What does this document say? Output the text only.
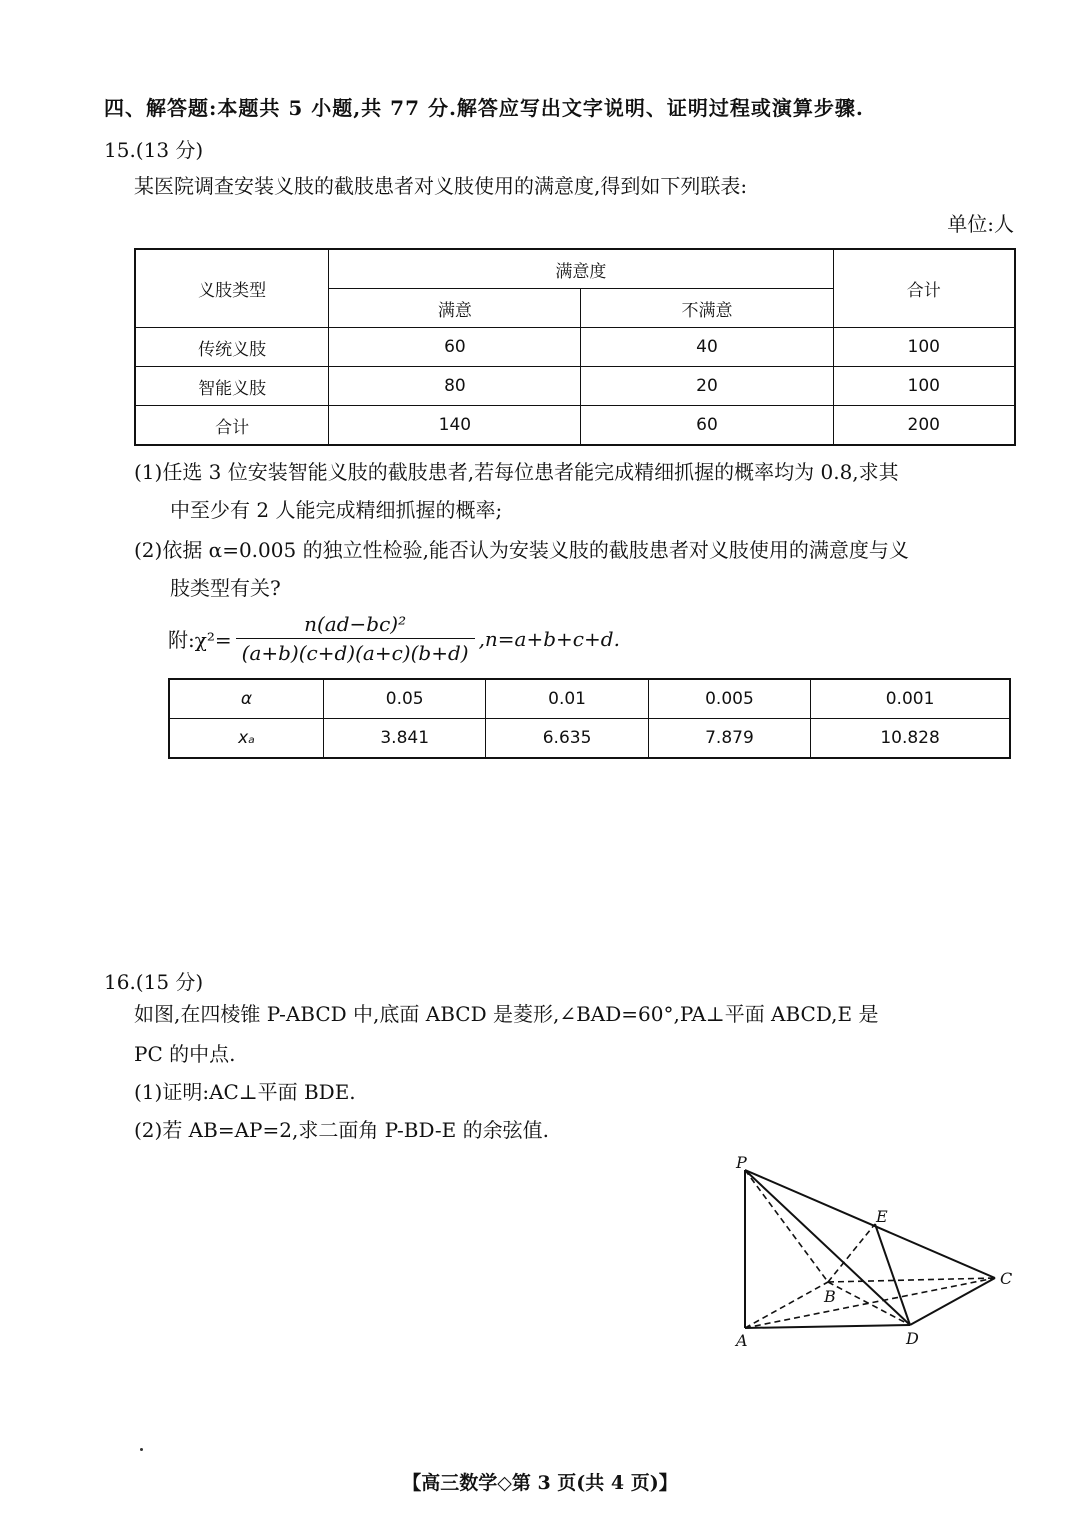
四、解答题:本题共 5 小题,共 77 分.解答应写出文字说明、证明过程或演算步骤.
15.(13 分)
某医院调查安装义肢的截肢患者对义肢使用的满意度,得到如下列联表:
单位:人
义肢类型	满意度		合计
	满意	不满意	
传统义肢	60	40	100
智能义肢	80	20	100
合计	140	60	200
(1)任选 3 位安装智能义肢的截肢患者,若每位患者能完成精细抓握的概率均为 0.8,求其
中至少有 2 人能完成精细抓握的概率;
(2)依据 α=0.005 的独立性检验,能否认为安装义肢的截肢患者对义肢使用的满意度与义
肢类型有关?
附:χ²= $\frac{\text{n(ad−bc)²}}{(a+b)(c+d)(a+c)(b+d)} ,n=a+b+c+d$.
α	0.05	0.01	0.005	0.001
xₐ	3.841	6.635	7.879	10.828
16.(15 分)
如图,在四棱锥 P-ABCD 中,底面 ABCD 是菱形,∠BAD=60°,PA⊥平面 ABCD,E 是
PC 的中点.
(1)证明:AC⊥平面 BDE.
(2)若 AB=AP=2,求二面角 P-BD-E 的余弦值.
P
E
C
B
A	D
【高三数学◇第 3 页(共 4 页)】
